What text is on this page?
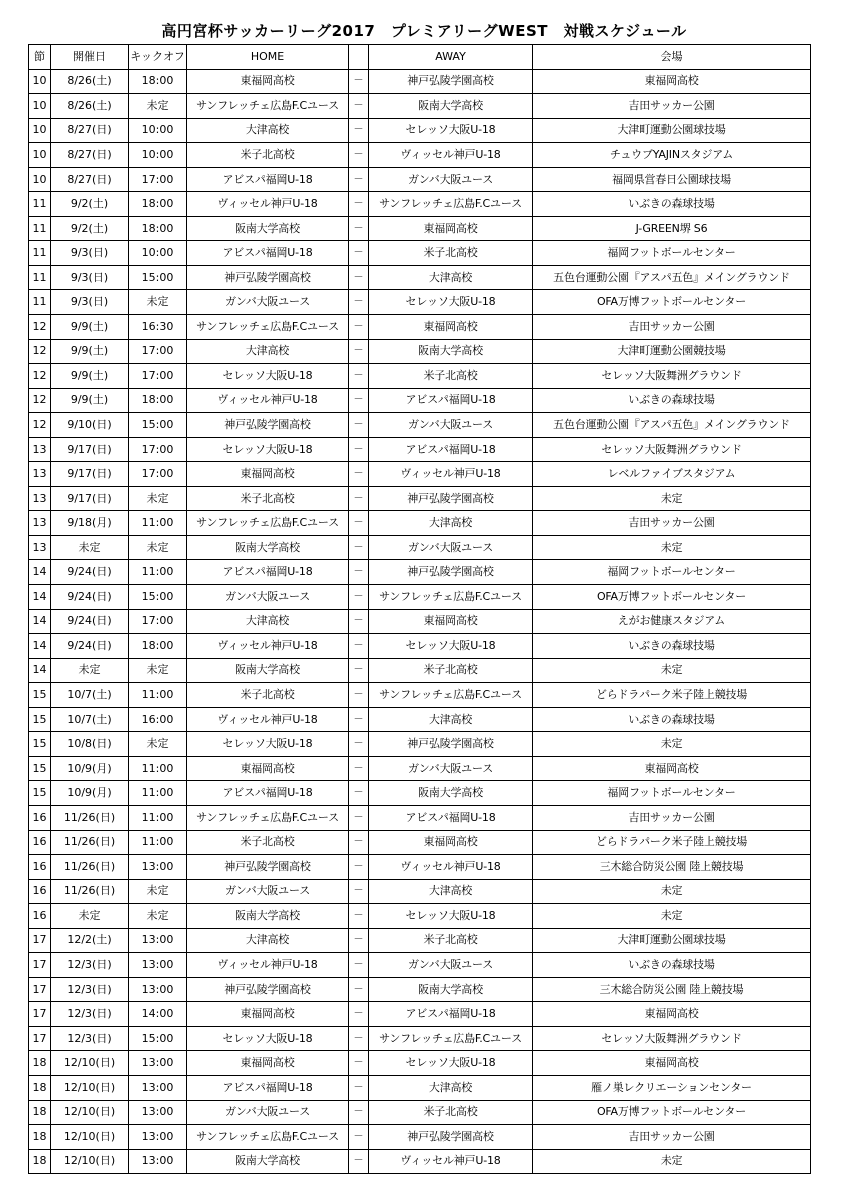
高円宮杯サッカーリーグ2017　プレミアリーグWEST　対戦スケジュール
節	開催日	キックオフ	HOME		AWAY	会場
10	8/26(土)	18:00	東福岡高校	－	神戸弘陵学園高校	東福岡高校
10	8/26(土)	未定	サンフレッチェ広島F.Cユース	－	阪南大学高校	吉田サッカー公園
10	8/27(日)	10:00	大津高校	－	セレッソ大阪U-18	大津町運動公園球技場
10	8/27(日)	10:00	米子北高校	－	ヴィッセル神戸U-18	チュウブYAJINスタジアム
10	8/27(日)	17:00	アビスパ福岡U-18	－	ガンバ大阪ユース	福岡県営春日公園球技場
11	9/2(土)	18:00	ヴィッセル神戸U-18	－	サンフレッチェ広島F.Cユース	いぶきの森球技場
11	9/2(土)	18:00	阪南大学高校	－	東福岡高校	J-GREEN堺 S6
11	9/3(日)	10:00	アビスパ福岡U-18	－	米子北高校	福岡フットボールセンター
11	9/3(日)	15:00	神戸弘陵学園高校	－	大津高校	五色台運動公園『アスパ五色』メイングラウンド
11	9/3(日)	未定	ガンバ大阪ユース	－	セレッソ大阪U-18	OFA万博フットボールセンター
12	9/9(土)	16:30	サンフレッチェ広島F.Cユース	－	東福岡高校	吉田サッカー公園
12	9/9(土)	17:00	大津高校	－	阪南大学高校	大津町運動公園競技場
12	9/9(土)	17:00	セレッソ大阪U-18	－	米子北高校	セレッソ大阪舞洲グラウンド
12	9/9(土)	18:00	ヴィッセル神戸U-18	－	アビスパ福岡U-18	いぶきの森球技場
12	9/10(日)	15:00	神戸弘陵学園高校	－	ガンバ大阪ユース	五色台運動公園『アスパ五色』メイングラウンド
13	9/17(日)	17:00	セレッソ大阪U-18	－	アビスパ福岡U-18	セレッソ大阪舞洲グラウンド
13	9/17(日)	17:00	東福岡高校	－	ヴィッセル神戸U-18	レベルファイブスタジアム
13	9/17(日)	未定	米子北高校	－	神戸弘陵学園高校	未定
13	9/18(月)	11:00	サンフレッチェ広島F.Cユース	－	大津高校	吉田サッカー公園
13	未定	未定	阪南大学高校	－	ガンバ大阪ユース	未定
14	9/24(日)	11:00	アビスパ福岡U-18	－	神戸弘陵学園高校	福岡フットボールセンター
14	9/24(日)	15:00	ガンバ大阪ユース	－	サンフレッチェ広島F.Cユース	OFA万博フットボールセンター
14	9/24(日)	17:00	大津高校	－	東福岡高校	えがお健康スタジアム
14	9/24(日)	18:00	ヴィッセル神戸U-18	－	セレッソ大阪U-18	いぶきの森球技場
14	未定	未定	阪南大学高校	－	米子北高校	未定
15	10/7(土)	11:00	米子北高校	－	サンフレッチェ広島F.Cユース	どらドラパーク米子陸上競技場
15	10/7(土)	16:00	ヴィッセル神戸U-18	－	大津高校	いぶきの森球技場
15	10/8(日)	未定	セレッソ大阪U-18	－	神戸弘陵学園高校	未定
15	10/9(月)	11:00	東福岡高校	－	ガンバ大阪ユース	東福岡高校
15	10/9(月)	11:00	アビスパ福岡U-18	－	阪南大学高校	福岡フットボールセンター
16	11/26(日)	11:00	サンフレッチェ広島F.Cユース	－	アビスパ福岡U-18	吉田サッカー公園
16	11/26(日)	11:00	米子北高校	－	東福岡高校	どらドラパーク米子陸上競技場
16	11/26(日)	13:00	神戸弘陵学園高校	－	ヴィッセル神戸U-18	三木総合防災公園 陸上競技場
16	11/26(日)	未定	ガンバ大阪ユース	－	大津高校	未定
16	未定	未定	阪南大学高校	－	セレッソ大阪U-18	未定
17	12/2(土)	13:00	大津高校	－	米子北高校	大津町運動公園球技場
17	12/3(日)	13:00	ヴィッセル神戸U-18	－	ガンバ大阪ユース	いぶきの森球技場
17	12/3(日)	13:00	神戸弘陵学園高校	－	阪南大学高校	三木総合防災公園 陸上競技場
17	12/3(日)	14:00	東福岡高校	－	アビスパ福岡U-18	東福岡高校
17	12/3(日)	15:00	セレッソ大阪U-18	－	サンフレッチェ広島F.Cユース	セレッソ大阪舞洲グラウンド
18	12/10(日)	13:00	東福岡高校	－	セレッソ大阪U-18	東福岡高校
18	12/10(日)	13:00	アビスパ福岡U-18	－	大津高校	雁ノ巣レクリエーションセンター
18	12/10(日)	13:00	ガンバ大阪ユース	－	米子北高校	OFA万博フットボールセンター
18	12/10(日)	13:00	サンフレッチェ広島F.Cユース	－	神戸弘陵学園高校	吉田サッカー公園
18	12/10(日)	13:00	阪南大学高校	－	ヴィッセル神戸U-18	未定
